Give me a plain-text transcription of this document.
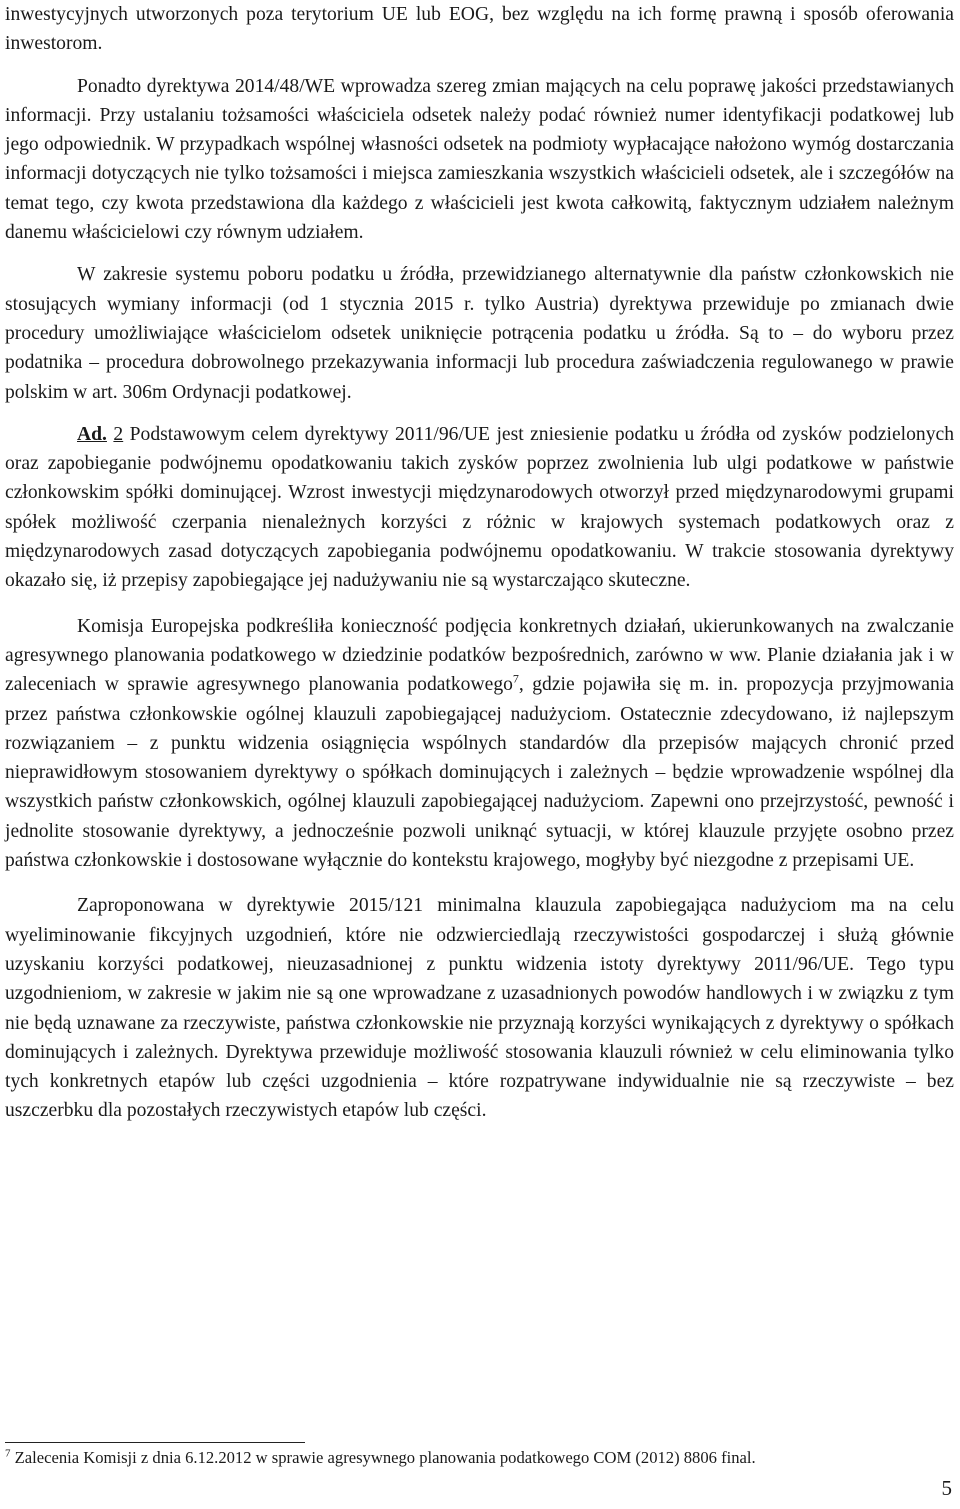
inwestycyjnych utworzonych poza terytorium UE lub EOG, bez względu na ich formę prawną i sposób oferowania inwestorom.

Ponadto dyrektywa 2014/48/WE wprowadza szereg zmian mających na celu poprawę jakości przedstawianych informacji. Przy ustalaniu tożsamości właściciela odsetek należy podać również numer identyfikacji podatkowej lub jego odpowiednik. W przypadkach wspólnej własności odsetek na podmioty wypłacające nałożono wymóg dostarczania informacji dotyczących nie tylko tożsamości i miejsca zamieszkania wszystkich właścicieli odsetek, ale i szczegółów na temat tego, czy kwota przedstawiona dla każdego z właścicieli jest kwota całkowitą, faktycznym udziałem należnym danemu właścicielowi czy równym udziałem.

W zakresie systemu poboru podatku u źródła, przewidzianego alternatywnie dla państw członkowskich nie stosujących wymiany informacji (od 1 stycznia 2015 r. tylko Austria) dyrektywa przewiduje po zmianach dwie procedury umożliwiające właścicielom odsetek uniknięcie potrącenia podatku u źródła. Są to – do wyboru przez podatnika – procedura dobrowolnego przekazywania informacji lub procedura zaświadczenia regulowanego w prawie polskim w art. 306m Ordynacji podatkowej.

Ad. 2 Podstawowym celem dyrektywy 2011/96/UE jest zniesienie podatku u źródła od zysków podzielonych oraz zapobieganie podwójnemu opodatkowaniu takich zysków poprzez zwolnienia lub ulgi podatkowe w państwie członkowskim spółki dominującej. Wzrost inwestycji międzynarodowych otworzył przed międzynarodowymi grupami spółek możliwość czerpania nienależnych korzyści z różnic w krajowych systemach podatkowych oraz z międzynarodowych zasad dotyczących zapobiegania podwójnemu opodatkowaniu. W trakcie stosowania dyrektywy okazało się, iż przepisy zapobiegające jej nadużywaniu nie są wystarczająco skuteczne.

Komisja Europejska podkreśliła konieczność podjęcia konkretnych działań, ukierunkowanych na zwalczanie agresywnego planowania podatkowego w dziedzinie podatków bezpośrednich, zarówno w ww. Planie działania jak i w zaleceniach w sprawie agresywnego planowania podatkowego$^7$, gdzie pojawiła się m. in. propozycja przyjmowania przez państwa członkowskie ogólnej klauzuli zapobiegającej nadużyciom. Ostatecznie zdecydowano, iż najlepszym rozwiązaniem – z punktu widzenia osiągnięcia wspólnych standardów dla przepisów mających chronić przed nieprawidłowym stosowaniem dyrektywy o spółkach dominujących i zależnych – będzie wprowadzenie wspólnej dla wszystkich państw członkowskich, ogólnej klauzuli zapobiegającej nadużyciom. Zapewni ono przejrzystość, pewność i jednolite stosowanie dyrektywy, a jednocześnie pozwoli uniknąć sytuacji, w której klauzule przyjęte osobno przez państwa członkowskie i dostosowane wyłącznie do kontekstu krajowego, mogłyby być niezgodne z przepisami UE.

Zaproponowana w dyrektywie 2015/121 minimalna klauzula zapobiegająca nadużyciom ma na celu wyeliminowanie fikcyjnych uzgodnień, które nie odzwierciedlają rzeczywistości gospodarczej i służą głównie uzyskaniu korzyści podatkowej, nieuzasadnionej z punktu widzenia istoty dyrektywy 2011/96/UE. Tego typu uzgodnieniom, w zakresie w jakim nie są one wprowadzane z uzasadnionych powodów handlowych i w związku z tym nie będą uznawane za rzeczywiste, państwa członkowskie nie przyznają korzyści wynikających z dyrektywy o spółkach dominujących i zależnych. Dyrektywa przewiduje możliwość stosowania klauzuli również w celu eliminowania tylko tych konkretnych etapów lub części uzgodnienia – które rozpatrywane indywidualnie nie są rzeczywiste – bez uszczerbku dla pozostałych rzeczywistych etapów lub części.

$^7$ Zalecenia Komisji z dnia 6.12.2012 w sprawie agresywnego planowania podatkowego COM (2012) 8806 final.

5
